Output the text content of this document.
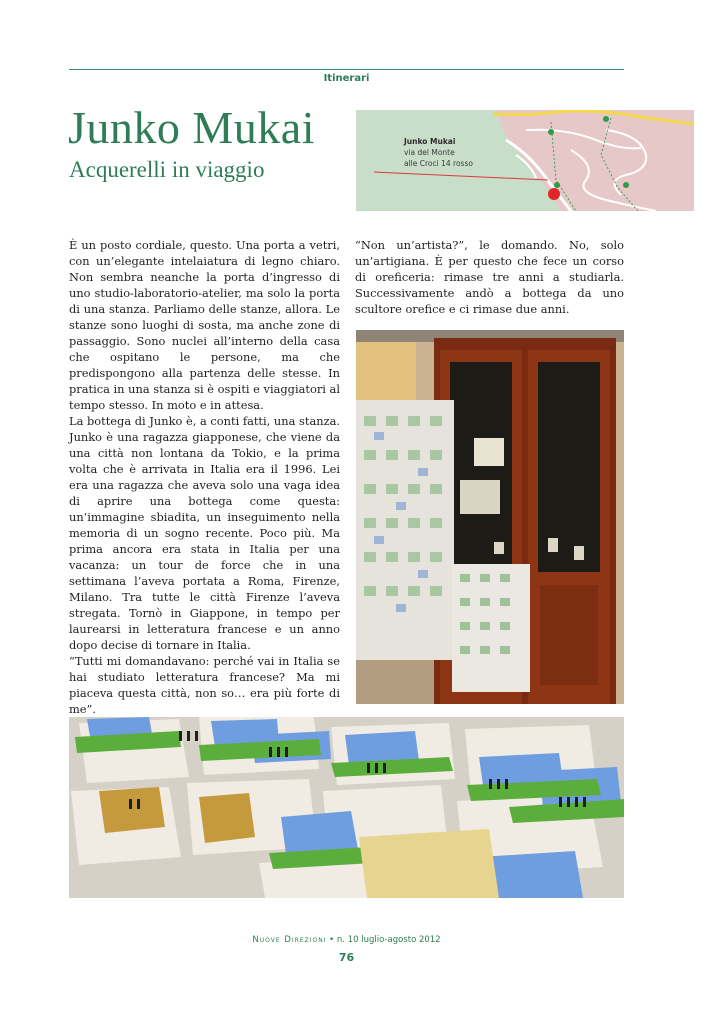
Itinerari
Junko Mukai
Acquerelli in viaggio
Junko Mukai
via del Monte
alle Croci 14 rosso

È un posto cordiale, questo. Una porta a vetri, con un’elegante intelaiatura di legno chiaro. Non sembra neanche la porta d’ingresso di uno studio-laboratorio-atelier, ma solo la porta di una stanza. Parliamo delle stanze, allora. Le stanze sono luoghi di sosta, ma anche zone di passaggio. Sono nuclei all’interno della casa che ospitano le persone, ma che predispongono alla partenza delle stesse. In pratica in una stanza si è ospiti e viaggiatori al tempo stesso. In moto e in attesa.

La bottega di Junko è, a conti fatti, una stanza. Junko è una ragazza giapponese, che viene da una città non lontana da Tokio, e la prima volta che è arrivata in Italia era il 1996. Lei era una ragazza che aveva solo una vaga idea di aprire una bottega come questa: un’immagine sbiadita, un inseguimento nella memoria di un sogno recente. Poco più. Ma prima ancora era stata in Italia per una vacanza: un tour de force che in una settimana l’aveva portata a Roma, Firenze, Milano. Tra tutte le città Firenze l’aveva stregata. Tornò in Giappone, in tempo per laurearsi in letteratura francese e un anno dopo decise di tornare in Italia.

“Tutti mi domandavano: perché vai in Italia se hai studiato letteratura francese? Ma mi piaceva questa città, non so… era più forte di me”.

“Non un’artista?”, le domando. No, solo un’artigiana. È per questo che fece un corso di oreficeria: rimase tre anni a studiarla. Successivamente andò a bottega da uno scultore orefice e ci rimase due anni.

Nuove Direzioni • n. 10 luglio-agosto 2012
76
